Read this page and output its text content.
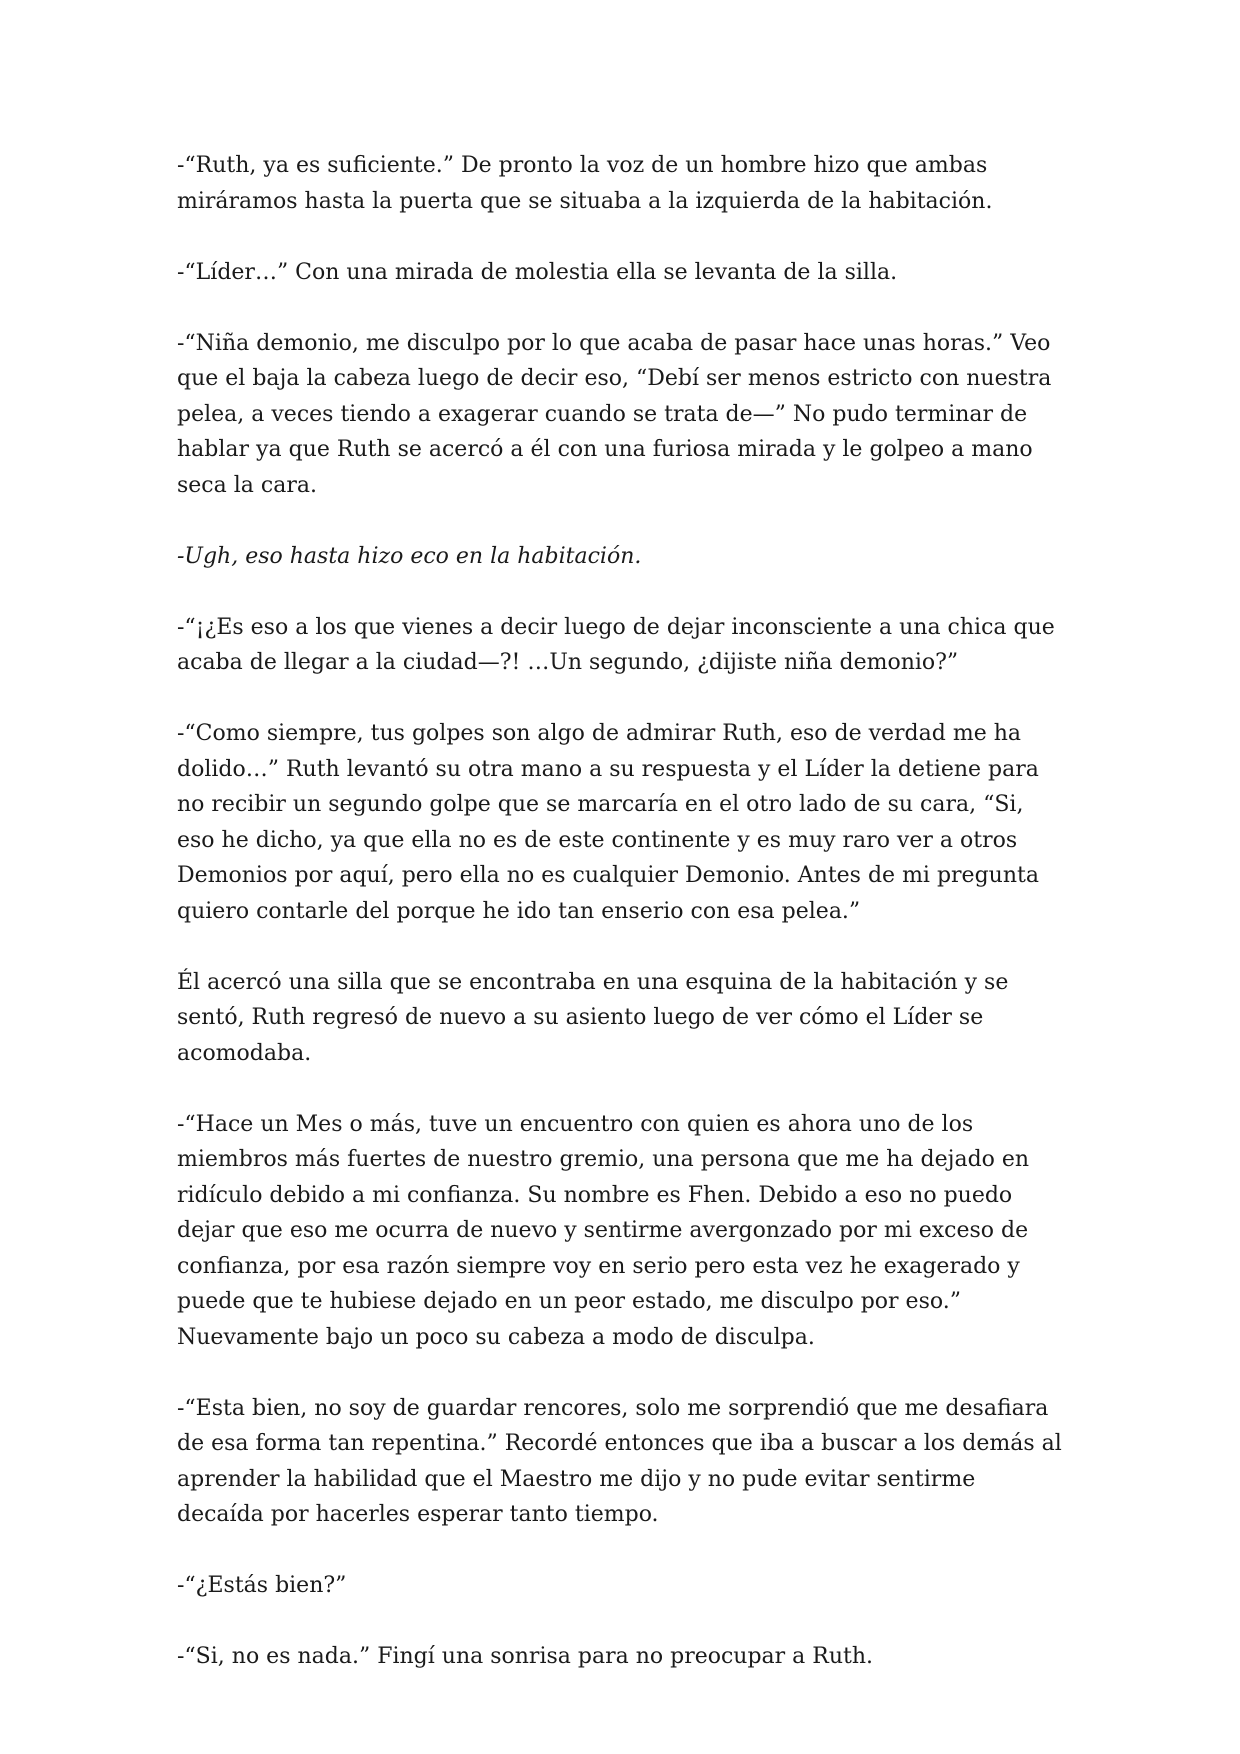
-“Ruth, ya es suficiente.” De pronto la voz de un hombre hizo que ambas miráramos hasta la puerta que se situaba a la izquierda de la habitación.

-“Líder…” Con una mirada de molestia ella se levanta de la silla.

-“Niña demonio, me disculpo por lo que acaba de pasar hace unas horas.” Veo que el baja la cabeza luego de decir eso, “Debí ser menos estricto con nuestra pelea, a veces tiendo a exagerar cuando se trata de—” No pudo terminar de hablar ya que Ruth se acercó a él con una furiosa mirada y le golpeo a mano seca la cara.

-Ugh, eso hasta hizo eco en la habitación.

-“¡¿Es eso a los que vienes a decir luego de dejar inconsciente a una chica que acaba de llegar a la ciudad—?! …Un segundo, ¿dijiste niña demonio?”

-“Como siempre, tus golpes son algo de admirar Ruth, eso de verdad me ha dolido…” Ruth levantó su otra mano a su respuesta y el Líder la detiene para no recibir un segundo golpe que se marcaría en el otro lado de su cara, “Si, eso he dicho, ya que ella no es de este continente y es muy raro ver a otros Demonios por aquí, pero ella no es cualquier Demonio. Antes de mi pregunta quiero contarle del porque he ido tan enserio con esa pelea.”

Él acercó una silla que se encontraba en una esquina de la habitación y se sentó, Ruth regresó de nuevo a su asiento luego de ver cómo el Líder se acomodaba.

-“Hace un Mes o más, tuve un encuentro con quien es ahora uno de los miembros más fuertes de nuestro gremio, una persona que me ha dejado en ridículo debido a mi confianza. Su nombre es Fhen. Debido a eso no puedo dejar que eso me ocurra de nuevo y sentirme avergonzado por mi exceso de confianza, por esa razón siempre voy en serio pero esta vez he exagerado y puede que te hubiese dejado en un peor estado, me disculpo por eso.” Nuevamente bajo un poco su cabeza a modo de disculpa.

-“Esta bien, no soy de guardar rencores, solo me sorprendió que me desafiara de esa forma tan repentina.” Recordé entonces que iba a buscar a los demás al aprender la habilidad que el Maestro me dijo y no pude evitar sentirme decaída por hacerles esperar tanto tiempo.

-“¿Estás bien?”

-“Si, no es nada.” Fingí una sonrisa para no preocupar a Ruth.
